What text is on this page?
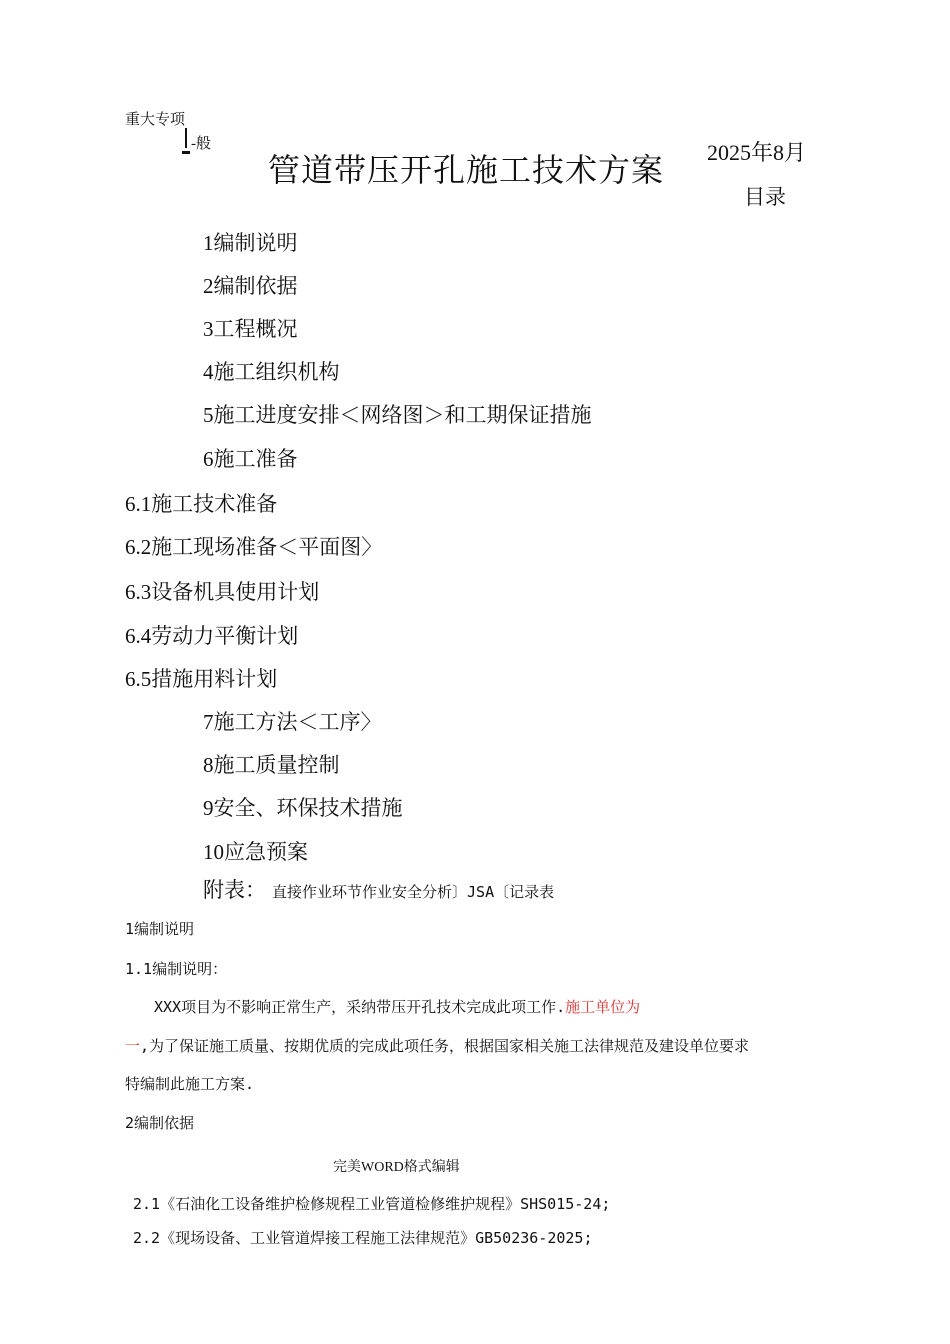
重大专项
-般
管道带压开孔施工技术方案 2025年8月
目录
1编制说明
2编制依据
3工程概况
4施工组织机构
5施工进度安排＜网络图＞和工期保证措施
6施工准备
6.1施工技术准备
6.2施工现场准备＜平面图〉
6.3设备机具使用计划
6.4劳动力平衡计划
6.5措施用料计划
7施工方法＜工序〉
8施工质量控制
9安全、环保技术措施
10应急预案
附表： 直接作业环节作业安全分析〕JSA〔记录表
1编制说明
1.1编制说明：
XXX项目为不影响正常生产，采纳带压开孔技术完成此项工作.施工单位为
一,为了保证施工质量、按期优质的完成此项任务，根据国家相关施工法律规范及建设单位要求
特编制此施工方案.
2编制依据
完美WORD格式编辑
2.1《石油化工设备维护检修规程工业管道检修维护规程》SHS015-24;
2.2《现场设备、工业管道焊接工程施工法律规范》GB50236-2025;
